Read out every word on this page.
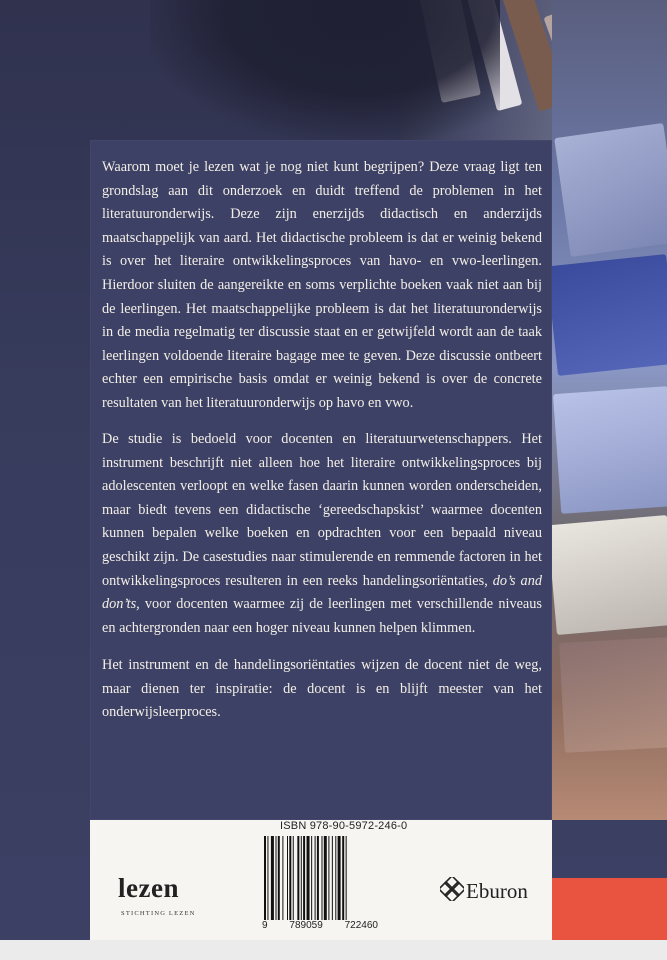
Waarom moet je lezen wat je nog niet kunt begrijpen? Deze vraag ligt ten grondslag aan dit onderzoek en duidt treffend de problemen in het literatuuronderwijs. Deze zijn enerzijds didactisch en anderzijds maatschappelijk van aard. Het didactische probleem is dat er weinig bekend is over het literaire ontwikkelingsproces van havo- en vwo-leerlingen. Hierdoor sluiten de aangereikte en soms verplichte boeken vaak niet aan bij de leerlingen. Het maatschappelijke probleem is dat het literatuuronderwijs in de media regelmatig ter discussie staat en er getwijfeld wordt aan de taak leerlingen voldoende literaire bagage mee te geven. Deze discussie ontbeert echter een empirische basis omdat er weinig bekend is over de concrete resultaten van het literatuuronderwijs op havo en vwo.

De studie is bedoeld voor docenten en literatuurwetenschappers. Het instrument beschrijft niet alleen hoe het literaire ontwikkelingsproces bij adolescenten verloopt en welke fasen daarin kunnen worden onderscheiden, maar biedt tevens een didactische ‘gereedschapskist’ waarmee docenten kunnen bepalen welke boeken en opdrachten voor een bepaald niveau geschikt zijn. De casestudies naar stimulerende en remmende factoren in het ontwikkelingsproces resulteren in een reeks handelingsoriëntaties, do’s and don’ts, voor docenten waarmee zij de leerlingen met verschillende niveaus en achtergronden naar een hoger niveau kunnen helpen klimmen.

Het instrument en de handelingsoriëntaties wijzen de docent niet de weg, maar dienen ter inspiratie: de docent is en blijft meester van het onderwijsleerproces.

ISBN 978-90-5972-246-0
9 789059 722460
lezen
STICHTING LEZEN
Eburon
